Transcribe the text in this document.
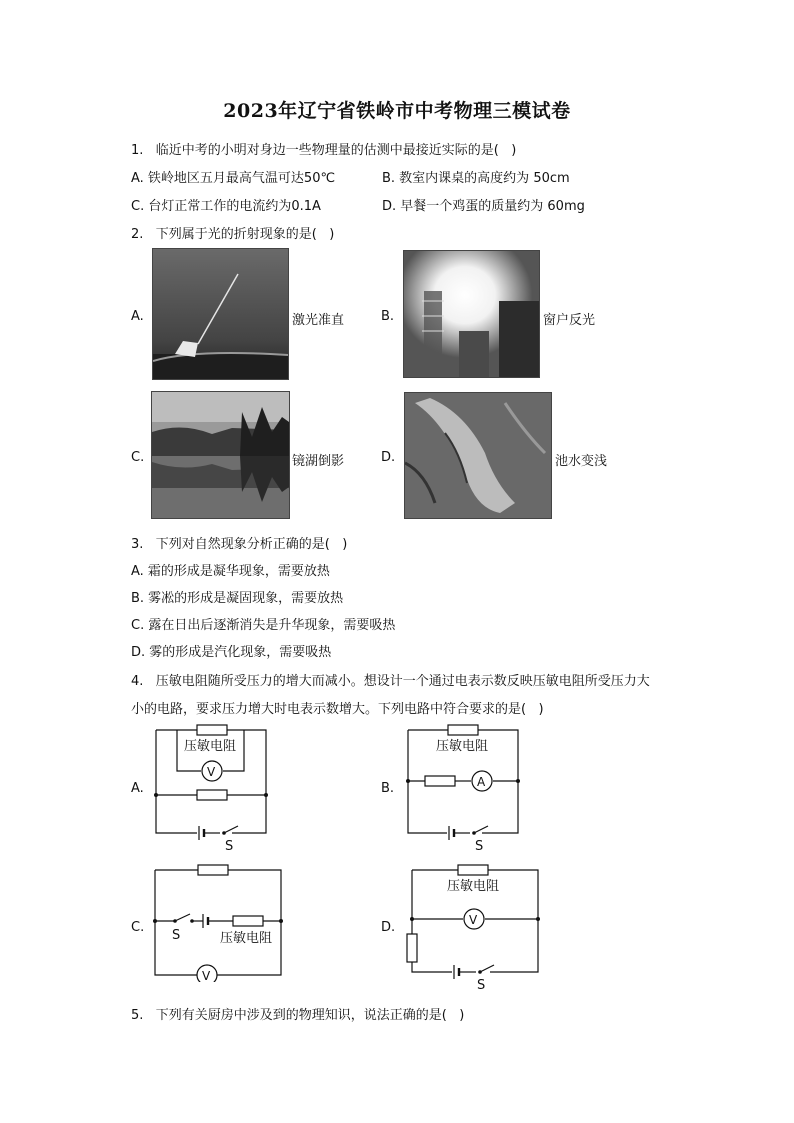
2023年辽宁省铁岭市中考物理三模试卷
1.   临近中考的小明对身边一些物理量的估测中最接近实际的是(   )
A. 铁岭地区五月最高气温可达50℃	B. 教室内课桌的高度约为 50cm
C. 台灯正常工作的电流约为0.1A	D. 早餐一个鸡蛋的质量约为 60mg
2.   下列属于光的折射现象的是(   )
A.	激光准直	B.	窗户反光
C.	镜湖倒影	D.	池水变浅
3.   下列对自然现象分析正确的是(   )
A. 霜的形成是凝华现象，需要放热
B. 雾凇的形成是凝固现象，需要放热
C. 露在日出后逐渐消失是升华现象，需要吸热
D. 雾的形成是汽化现象，需要吸热
4.   压敏电阻随所受压力的增大而减小。想设计一个通过电表示数反映压敏电阻所受压力大
小的电路，要求压力增大时电表示数增大。下列电路中符合要求的是(   )
A.
压敏电阻
V
S
B.
压敏电阻
A
S
C.
S	压敏电阻
V
D.
压敏电阻
V
S
5.   下列有关厨房中涉及到的物理知识，说法正确的是(   )
